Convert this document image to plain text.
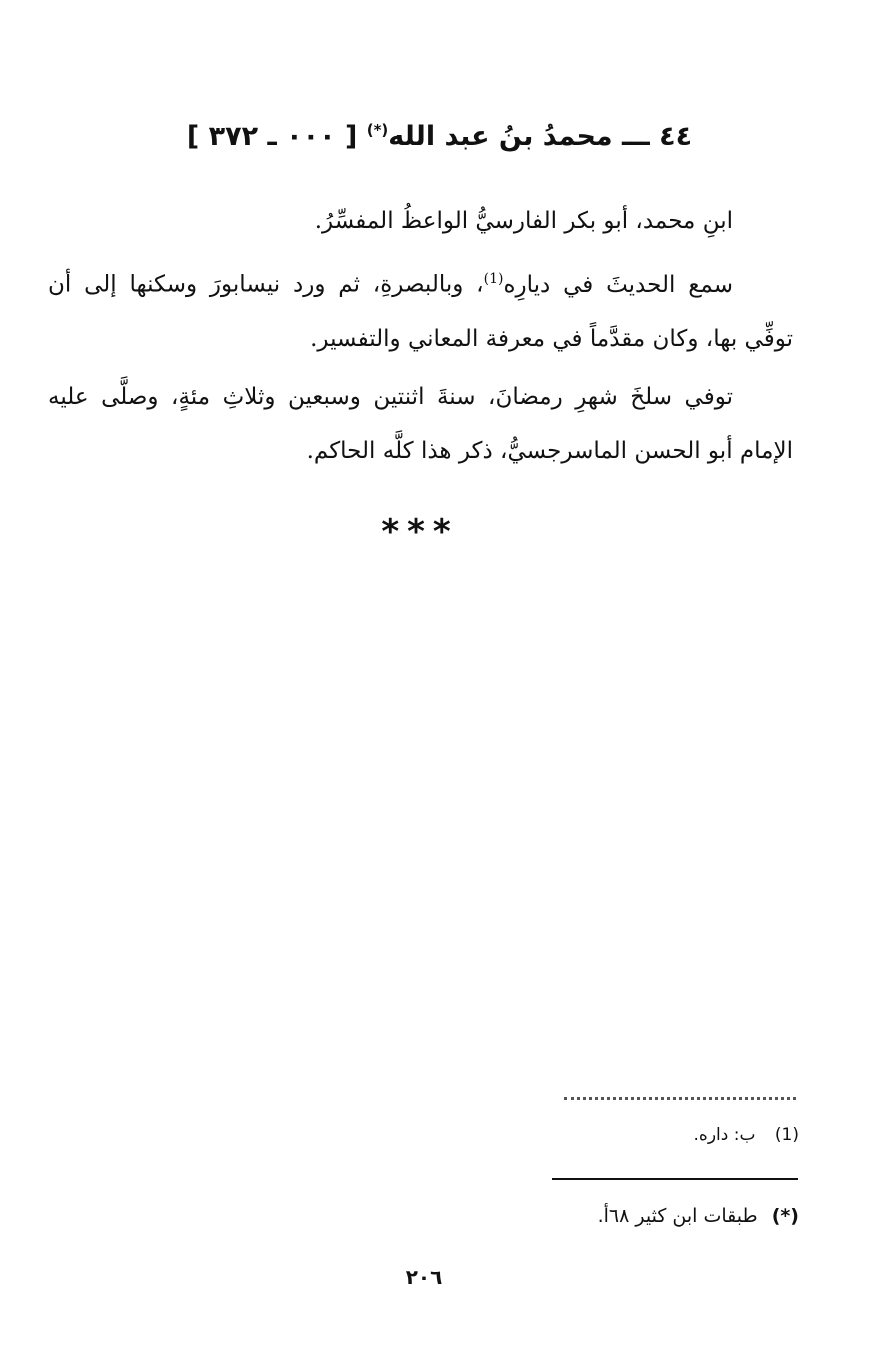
٤٤ ـــ محمدُ بنُ عبد الله(*) [ ٠٠٠ ـ ٣٧٢ ]

ابنِ محمد، أبو بكر الفارسيُّ الواعظُ المفسِّرُ.

سمع الحديثَ في ديارِه$^{(1)}$، وبالبصرةِ، ثم ورد نيسابورَ وسكنها إلى أن توفِّي بها، وكان مقدَّماً في معرفة المعاني والتفسير.

توفي سلخَ شهرِ رمضانَ، سنةَ اثنتين وسبعين وثلاثِ مئةٍ، وصلَّى عليه الإمام أبو الحسن الماسرجسيُّ، ذكر هذا كلَّه الحاكم.

***
(1) ب: داره.
(*) طبقات ابن كثير ٦٨أ.
٢٠٦
